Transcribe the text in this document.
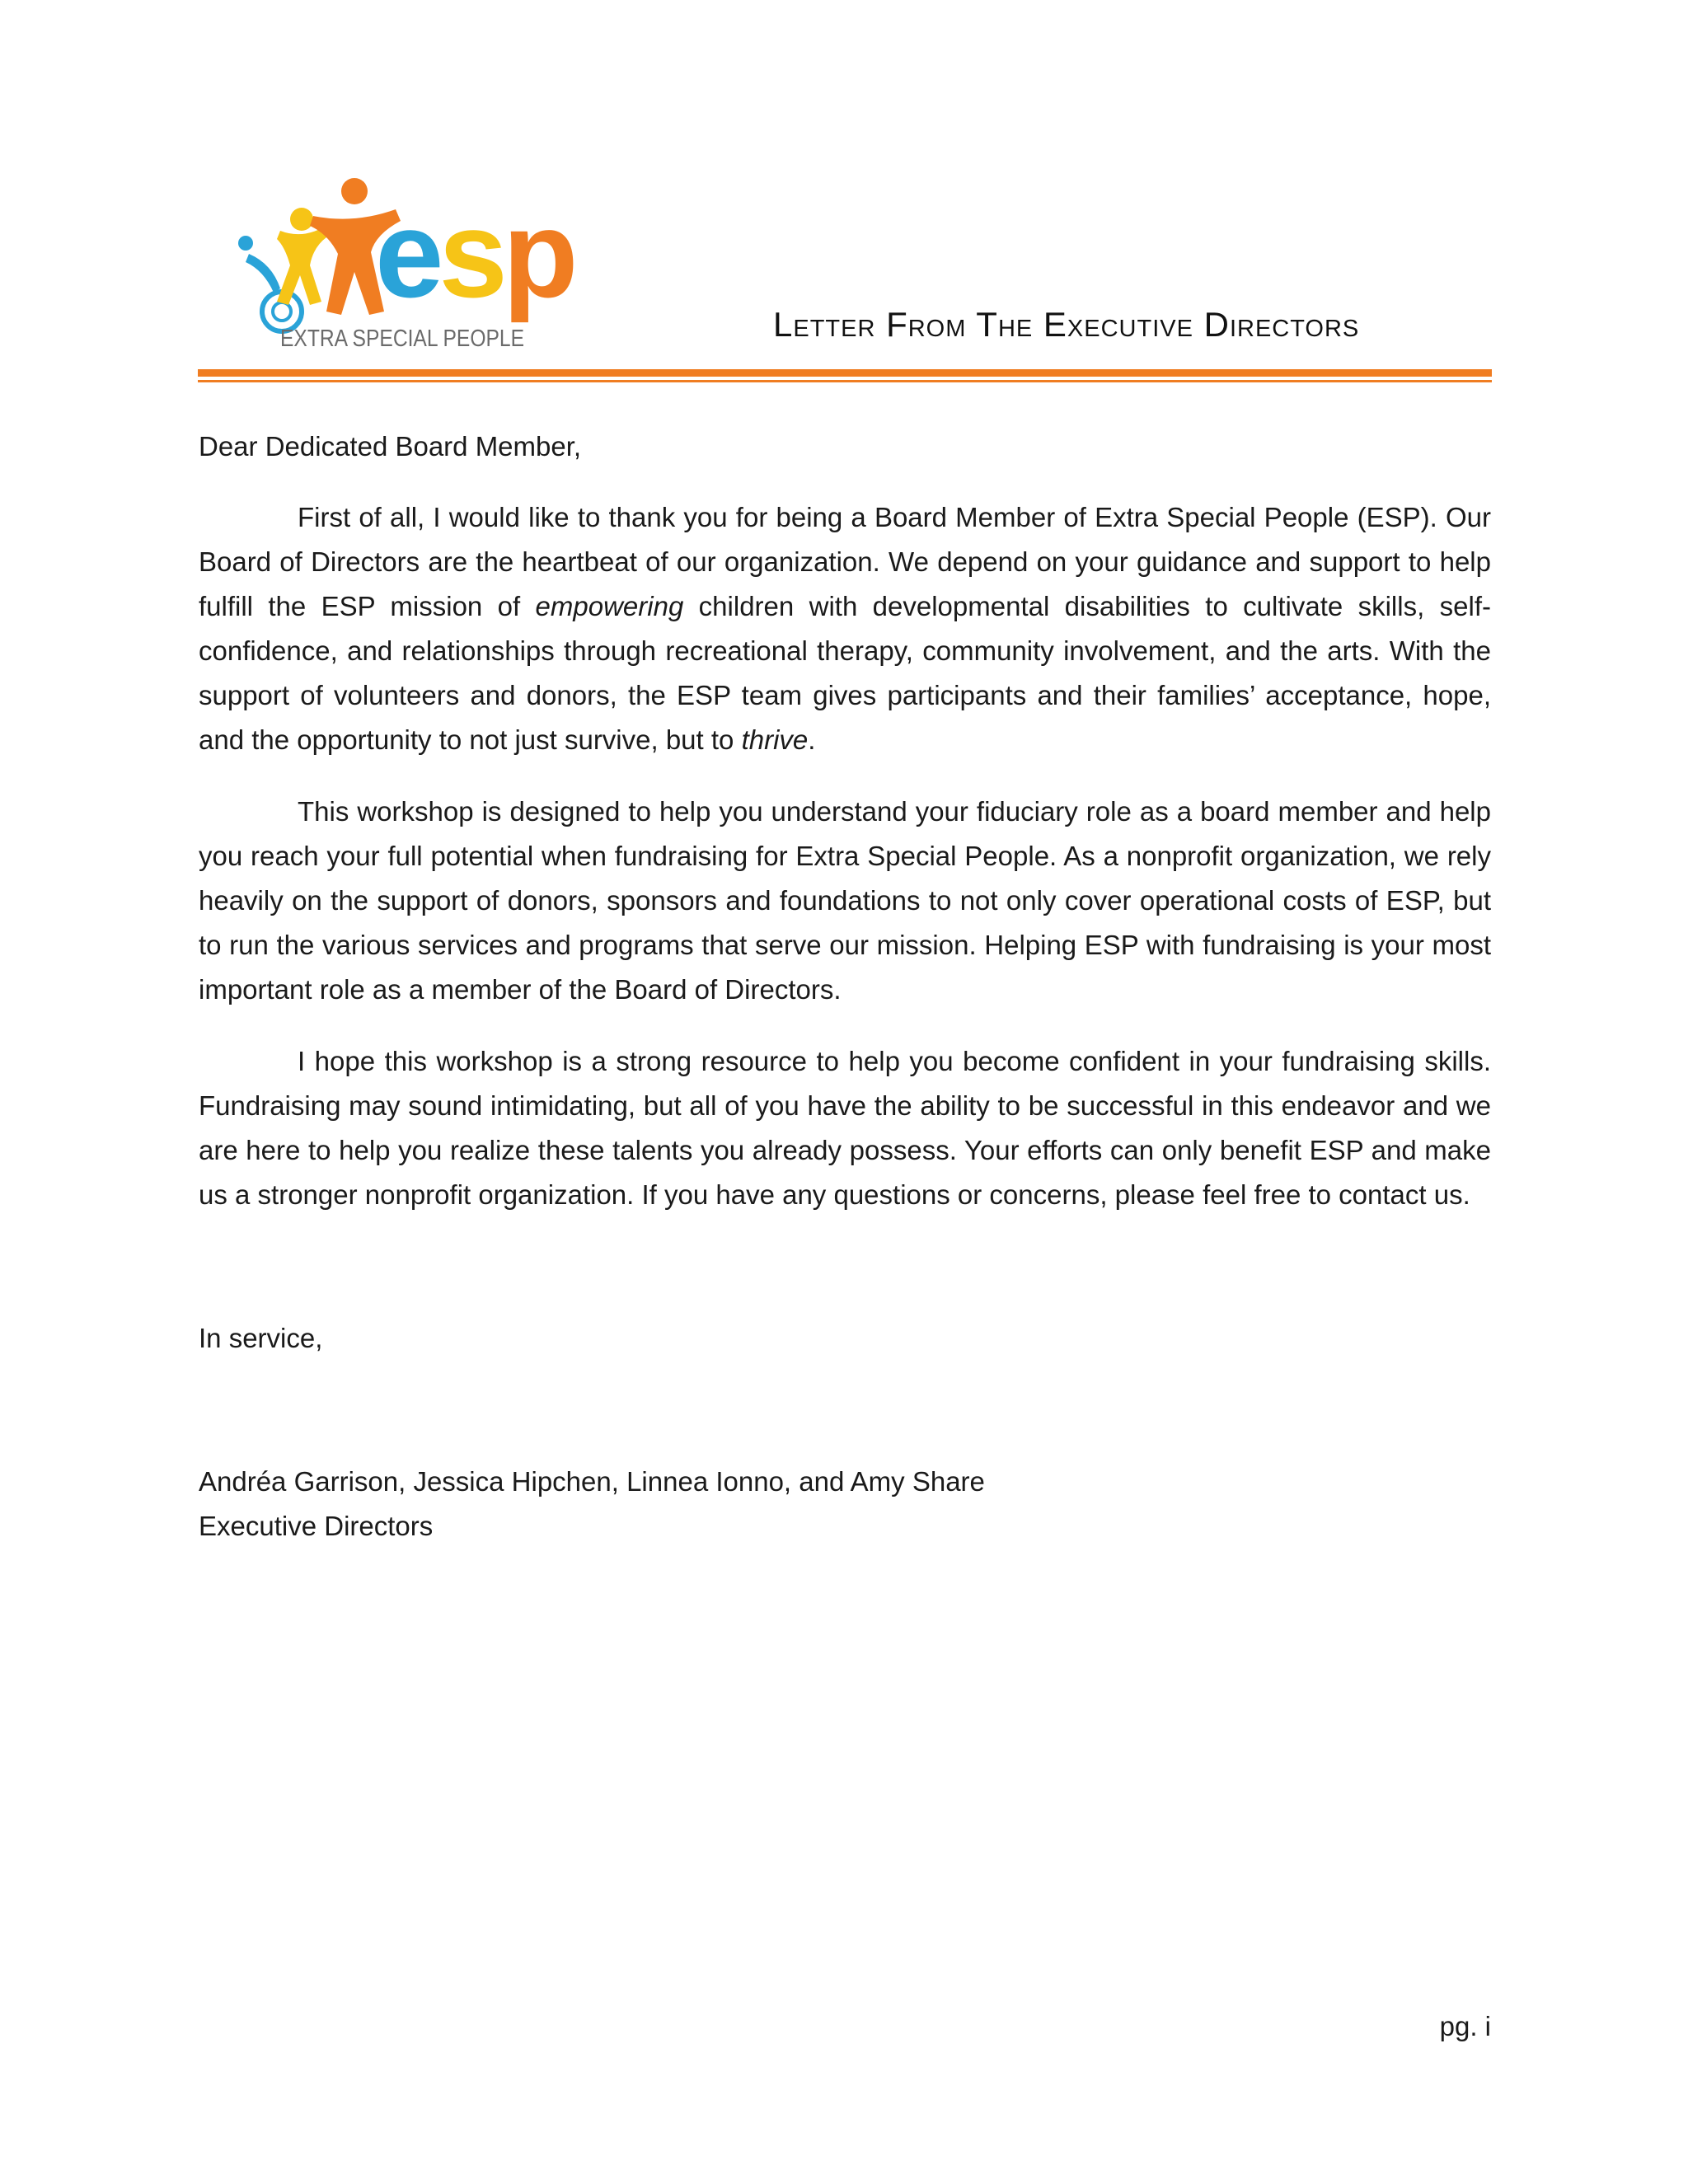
esp
EXTRA SPECIAL PEOPLE	Letter From The Executive Directors

Dear Dedicated Board Member,

First of all, I would like to thank you for being a Board Member of Extra Special People (ESP). Our Board of Directors are the heartbeat of our organization. We depend on your guidance and support to help fulfill the ESP mission of empowering children with developmental disabilities to cultivate skills, self-confidence, and relationships through recreational therapy, community involvement, and the arts. With the support of volunteers and donors, the ESP team gives participants and their families’ acceptance, hope, and the opportunity to not just survive, but to thrive.

This workshop is designed to help you understand your fiduciary role as a board member and help you reach your full potential when fundraising for Extra Special People. As a nonprofit organization, we rely heavily on the support of donors, sponsors and foundations to not only cover operational costs of ESP, but to run the various services and programs that serve our mission. Helping ESP with fundraising is your most important role as a member of the Board of Directors.

I hope this workshop is a strong resource to help you become confident in your fundraising skills. Fundraising may sound intimidating, but all of you have the ability to be successful in this endeavor and we are here to help you realize these talents you already possess. Your efforts can only benefit ESP and make us a stronger nonprofit organization. If you have any questions or concerns, please feel free to contact us.

In service,

Andréa Garrison, Jessica Hipchen, Linnea Ionno, and Amy Share

Executive Directors

pg. i
